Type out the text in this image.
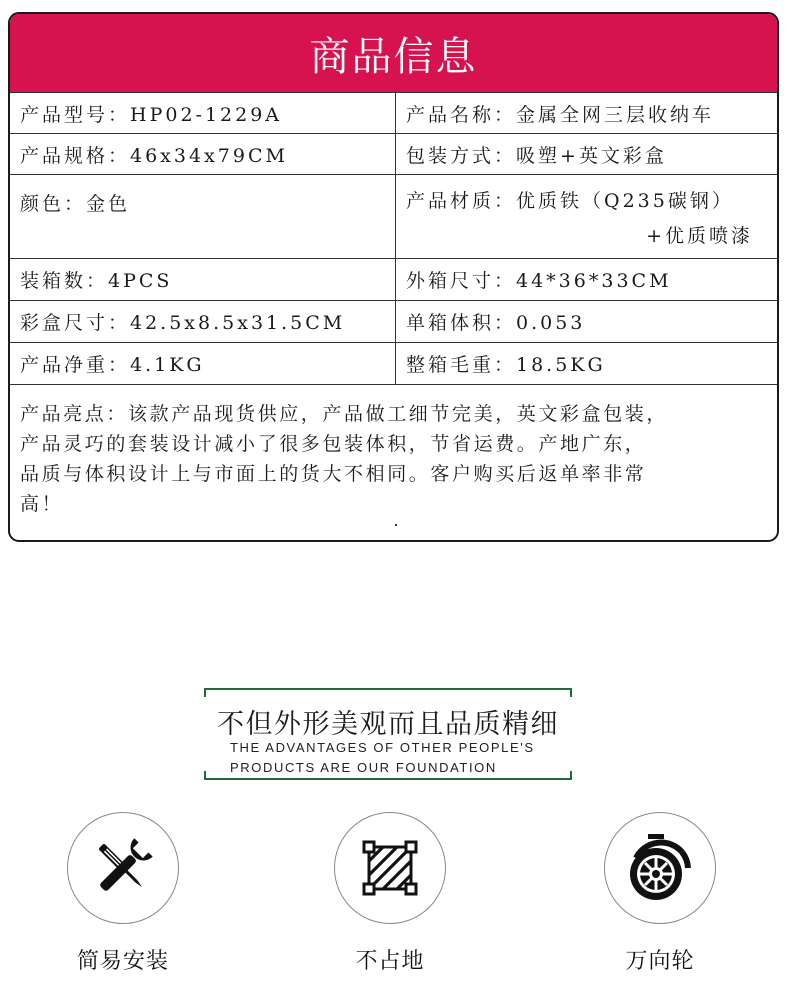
商品信息
产品型号：HP02-1229A	产品名称：金属全网三层收纳车
产品规格：46x34x79CM	包装方式：吸塑+英文彩盒
颜色：金色	产品材质：优质铁（Q235碳钢）
+优质喷漆
装箱数：4PCS	外箱尺寸：44*36*33CM
彩盒尺寸：42.5x8.5x31.5CM	单箱体积：0.053
产品净重：4.1KG	整箱毛重：18.5KG
产品亮点：该款产品现货供应，产品做工细节完美，英文彩盒包装，
产品灵巧的套装设计减小了很多包装体积，节省运费。产地广东，
品质与体积设计上与市面上的货大不相同。客户购买后返单率非常
高！
不但外形美观而且品质精细
THE ADVANTAGES OF OTHER PEOPLE'S
PRODUCTS ARE OUR FOUNDATION
简易安装	不占地	万向轮
